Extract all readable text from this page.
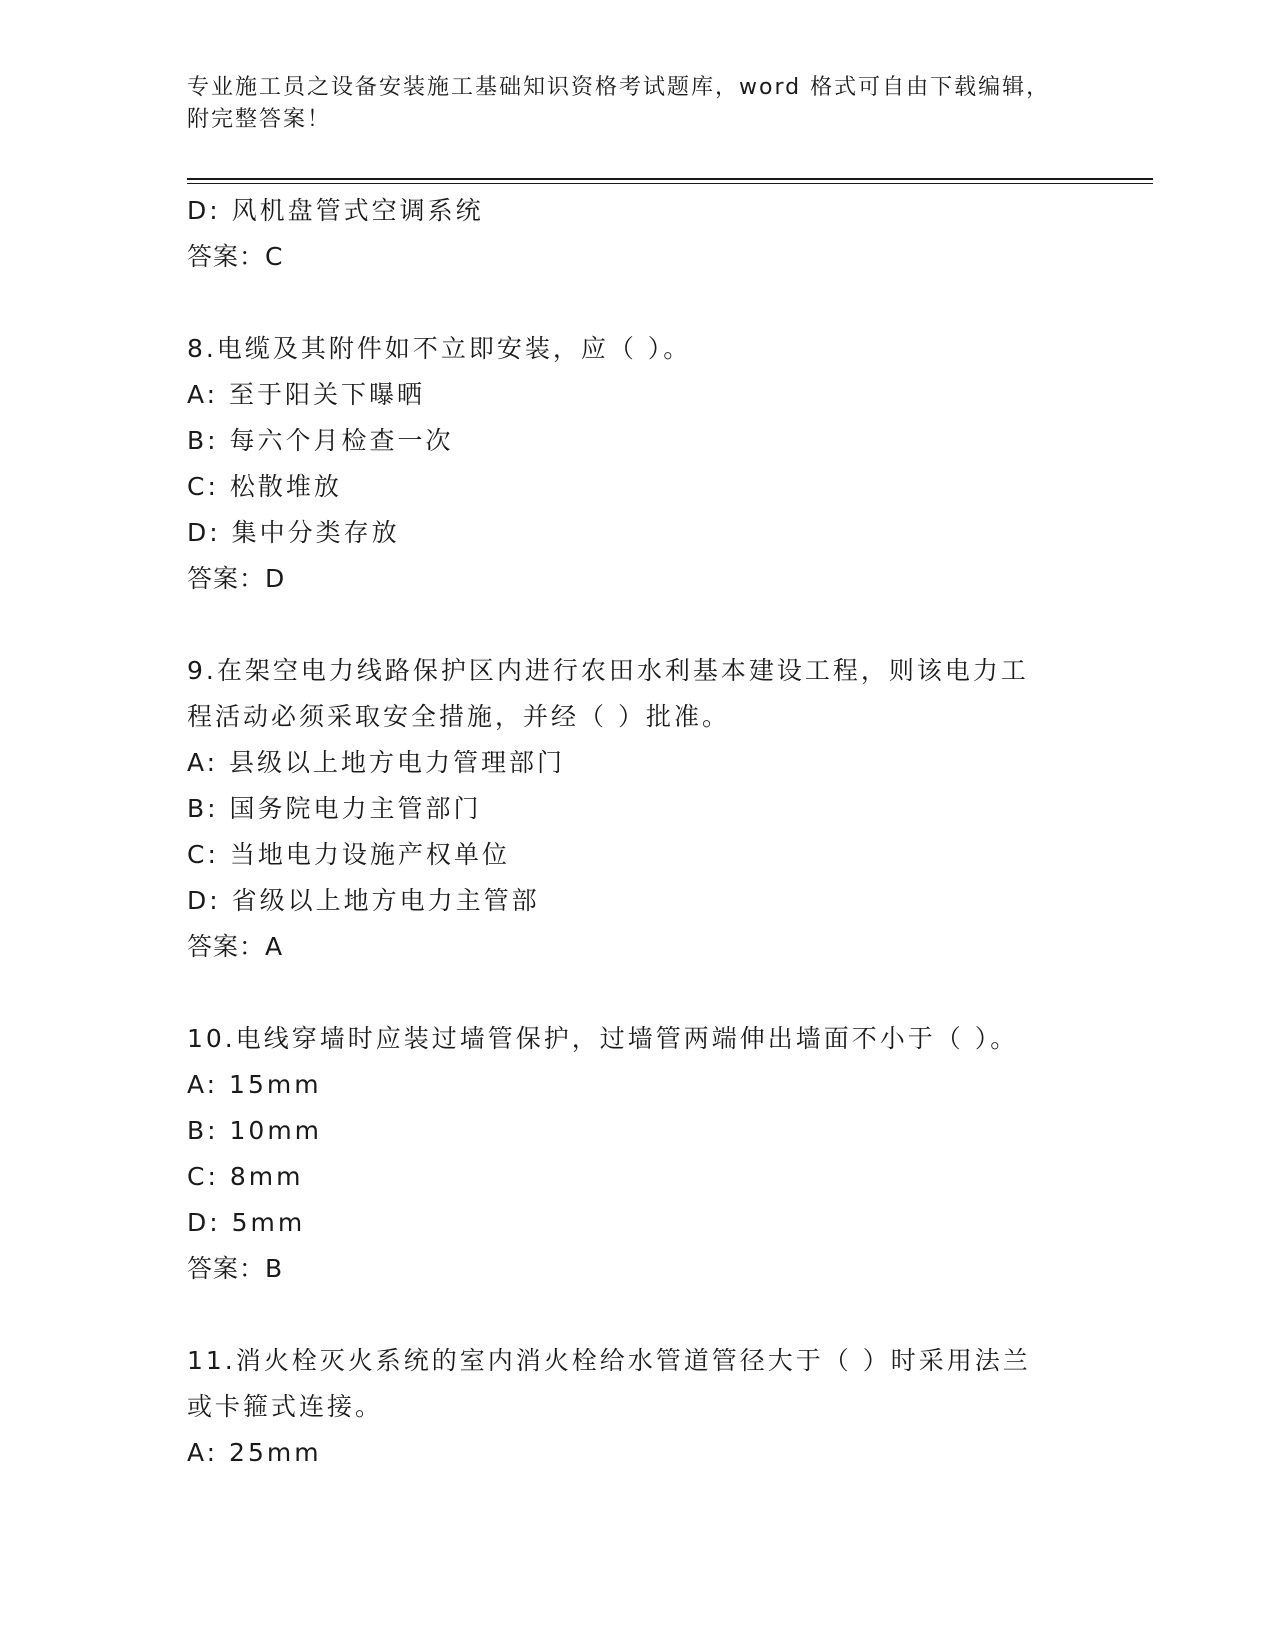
专业施工员之设备安装施工基础知识资格考试题库，word 格式可自由下载编辑，

附完整答案！

D: 风机盘管式空调系统
答案：C
8.电缆及其附件如不立即安装，应（ ）。
A: 至于阳关下曝晒
B: 每六个月检查一次
C: 松散堆放
D: 集中分类存放
答案：D
9.在架空电力线路保护区内进行农田水利基本建设工程，则该电力工
程活动必须采取安全措施，并经（ ）批准。
A: 县级以上地方电力管理部门
B: 国务院电力主管部门
C: 当地电力设施产权单位
D: 省级以上地方电力主管部
答案：A
10.电线穿墙时应装过墙管保护，过墙管两端伸出墙面不小于（ ）。
A: 15mm
B: 10mm
C: 8mm
D: 5mm
答案：B
11.消火栓灭火系统的室内消火栓给水管道管径大于（ ）时采用法兰
或卡箍式连接。
A: 25mm
